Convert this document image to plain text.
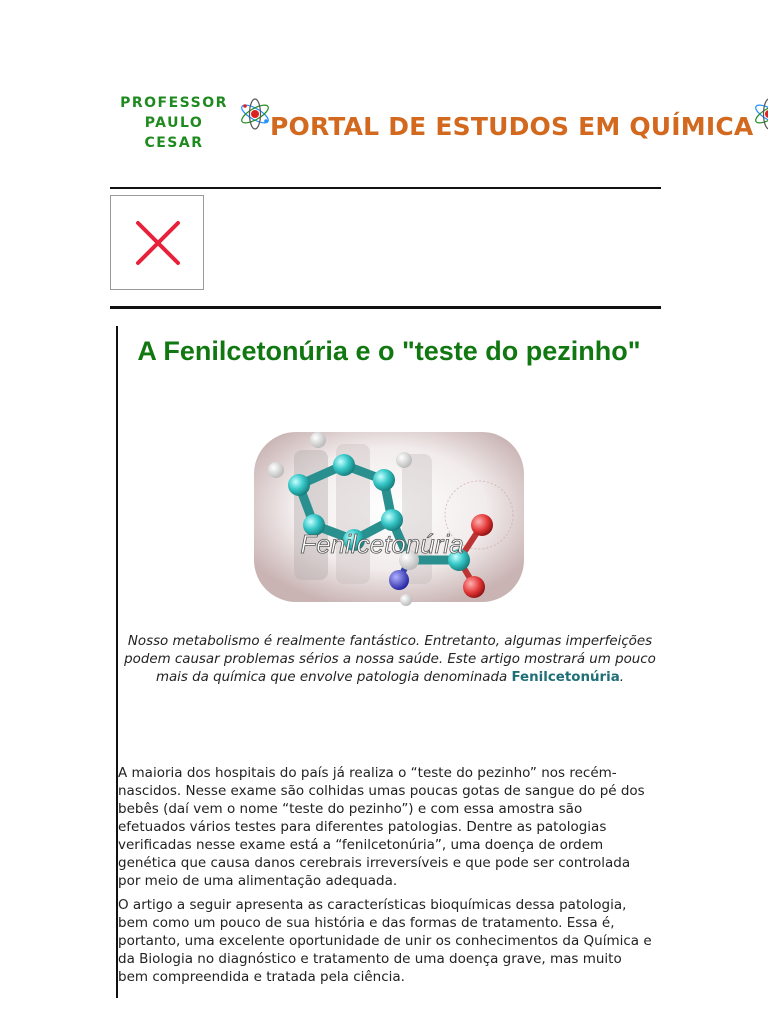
PROFESSOR
PAULO
CESAR
PORTAL DE ESTUDOS EM QUÍMICA
A Fenilcetonúria e o "teste do pezinho"
Fenilcetonúria
Nosso metabolismo é realmente fantástico. Entretanto, algumas imperfeições podem causar problemas sérios a nossa saúde. Este artigo mostrará um pouco mais da química que envolve patologia denominada Fenilcetonúria.

A maioria dos hospitais do país já realiza o “teste do pezinho” nos recém-nascidos. Nesse exame são colhidas umas poucas gotas de sangue do pé dos bebês (daí vem o nome “teste do pezinho”) e com essa amostra são efetuados vários testes para diferentes patologias. Dentre as patologias verificadas nesse exame está a “fenilcetonúria”, uma doença de ordem genética que causa danos cerebrais irreversíveis e que pode ser controlada por meio de uma alimentação adequada.

O artigo a seguir apresenta as características bioquímicas dessa patologia, bem como um pouco de sua história e das formas de tratamento. Essa é, portanto, uma excelente oportunidade de unir os conhecimentos da Química e da Biologia no diagnóstico e tratamento de uma doença grave, mas muito bem compreendida e tratada pela ciência.
